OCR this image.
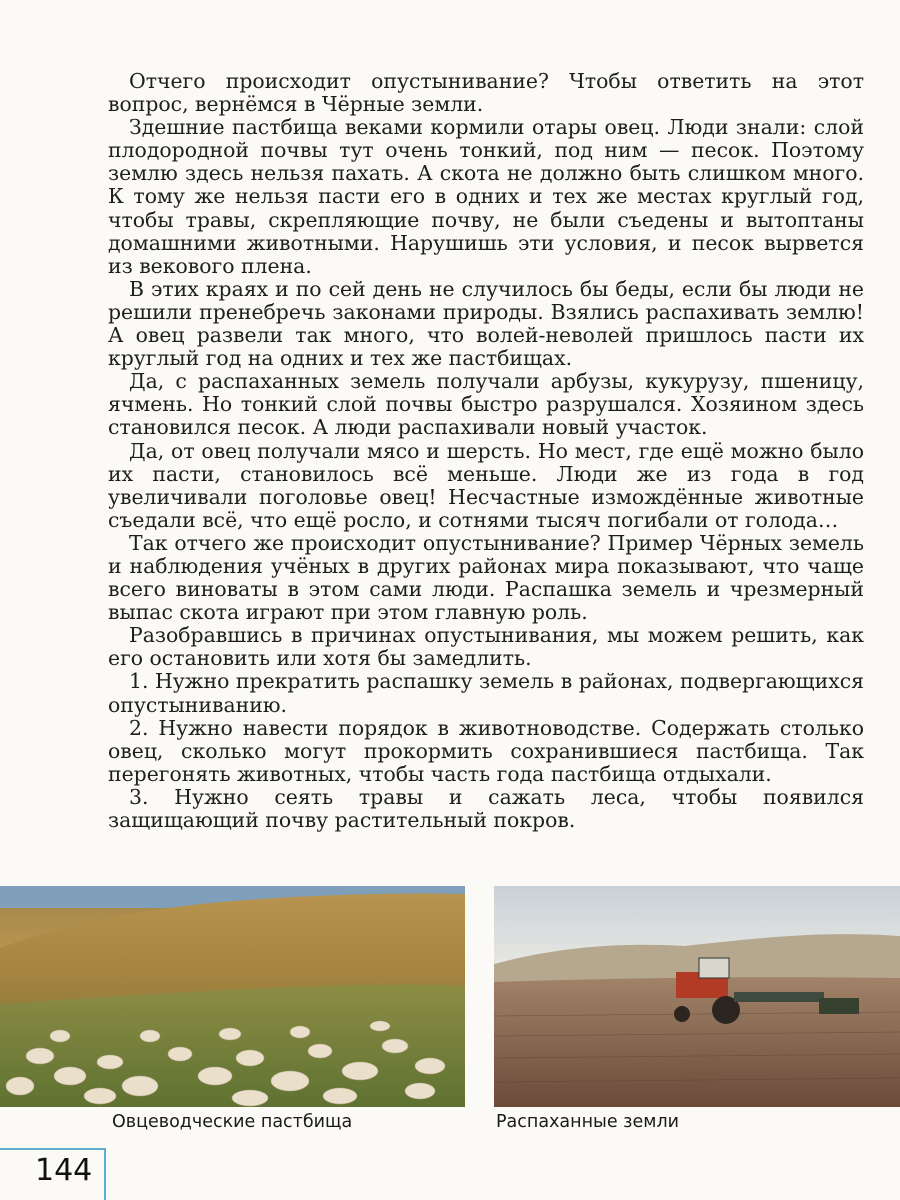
Отчего происходит опустынивание? Чтобы ответить на этот вопрос, вернёмся в Чёрные земли.

Здешние пастбища веками кормили отары овец. Люди знали: слой плодородной почвы тут очень тонкий, под ним — песок. Поэтому землю здесь нельзя пахать. А скота не должно быть слишком много. К тому же нельзя пасти его в одних и тех же местах круглый год, чтобы травы, скрепляющие почву, не были съедены и вытоптаны домашними животными. Нарушишь эти условия, и песок вырвется из векового плена.

В этих краях и по сей день не случилось бы беды, если бы люди не решили пренебречь законами природы. Взялись распахивать землю! А овец развели так много, что волей-неволей пришлось пасти их круглый год на одних и тех же пастбищах.

Да, с распаханных земель получали арбузы, кукурузу, пшеницу, ячмень. Но тонкий слой почвы быстро разрушался. Хозяином здесь становился песок. А люди распахивали новый участок.

Да, от овец получали мясо и шерсть. Но мест, где ещё можно было их пасти, становилось всё меньше. Люди же из года в год увеличивали поголовье овец! Несчастные измождённые животные съедали всё, что ещё росло, и сотнями тысяч погибали от голода…

Так отчего же происходит опустынивание? Пример Чёрных земель и наблюдения учёных в других районах мира показывают, что чаще всего виноваты в этом сами люди. Распашка земель и чрезмерный выпас скота играют при этом главную роль.

Разобравшись в причинах опустынивания, мы можем решить, как его остановить или хотя бы замедлить.

1. Нужно прекратить распашку земель в районах, подвергающихся опустыниванию.

2. Нужно навести порядок в животноводстве. Содержать столько овец, сколько могут прокормить сохранившиеся пастбища. Так перегонять животных, чтобы часть года пастбища отдыхали.

3. Нужно сеять травы и сажать леса, чтобы появился защищающий почву растительный покров.

Овцеводческие пастбища	Распаханные земли
144
